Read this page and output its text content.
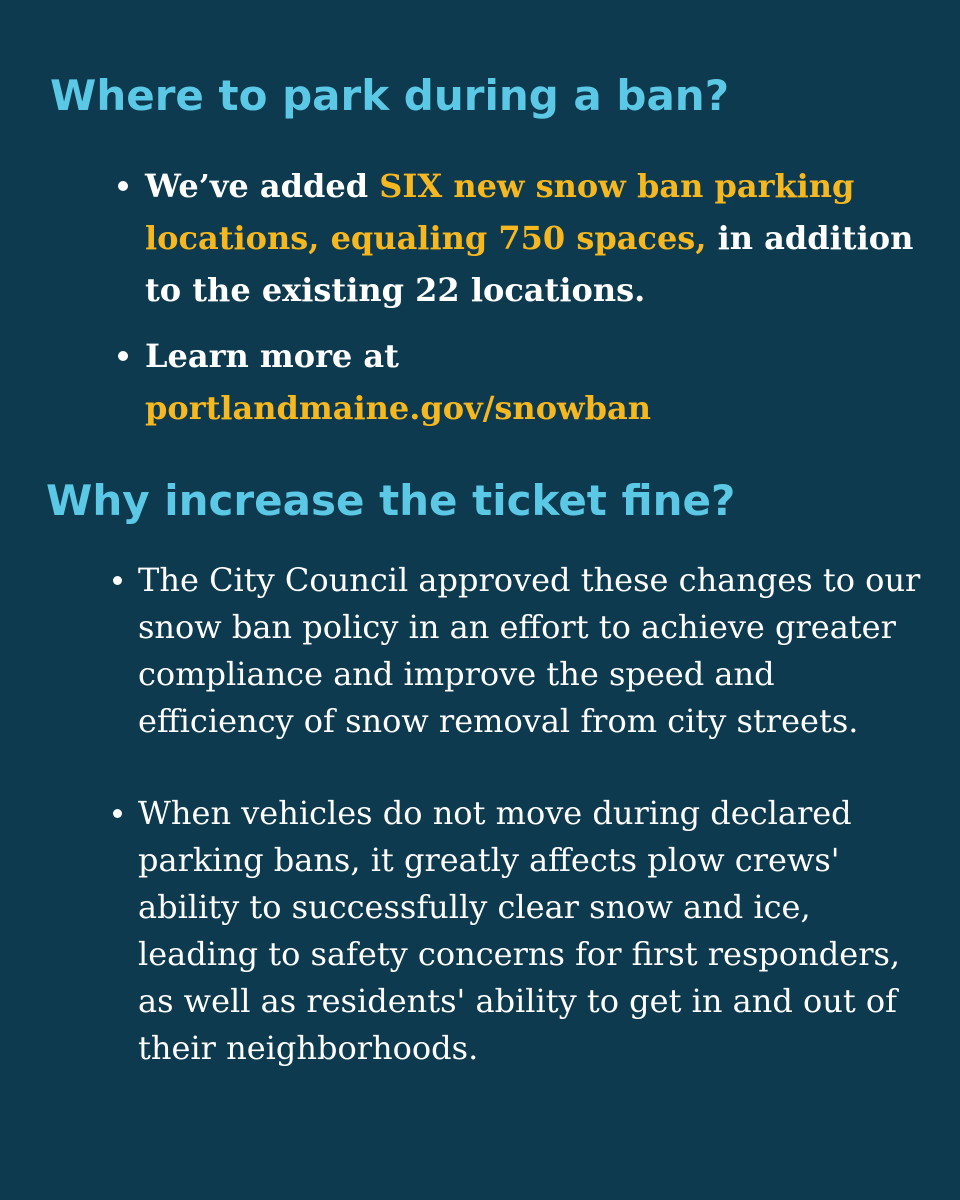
Where to park during a ban?
We’ve added SIX new snow ban parking locations, equaling 750 spaces, in addition to the existing 22 locations.
Learn more at
portlandmaine.gov/snowban
Why increase the ticket fine?
The City Council approved these changes to our snow ban policy in an effort to achieve greater compliance and improve the speed and efficiency of snow removal from city streets.
When vehicles do not move during declared parking bans, it greatly affects plow crews' ability to successfully clear snow and ice, leading to safety concerns for first responders, as well as residents' ability to get in and out of their neighborhoods.
